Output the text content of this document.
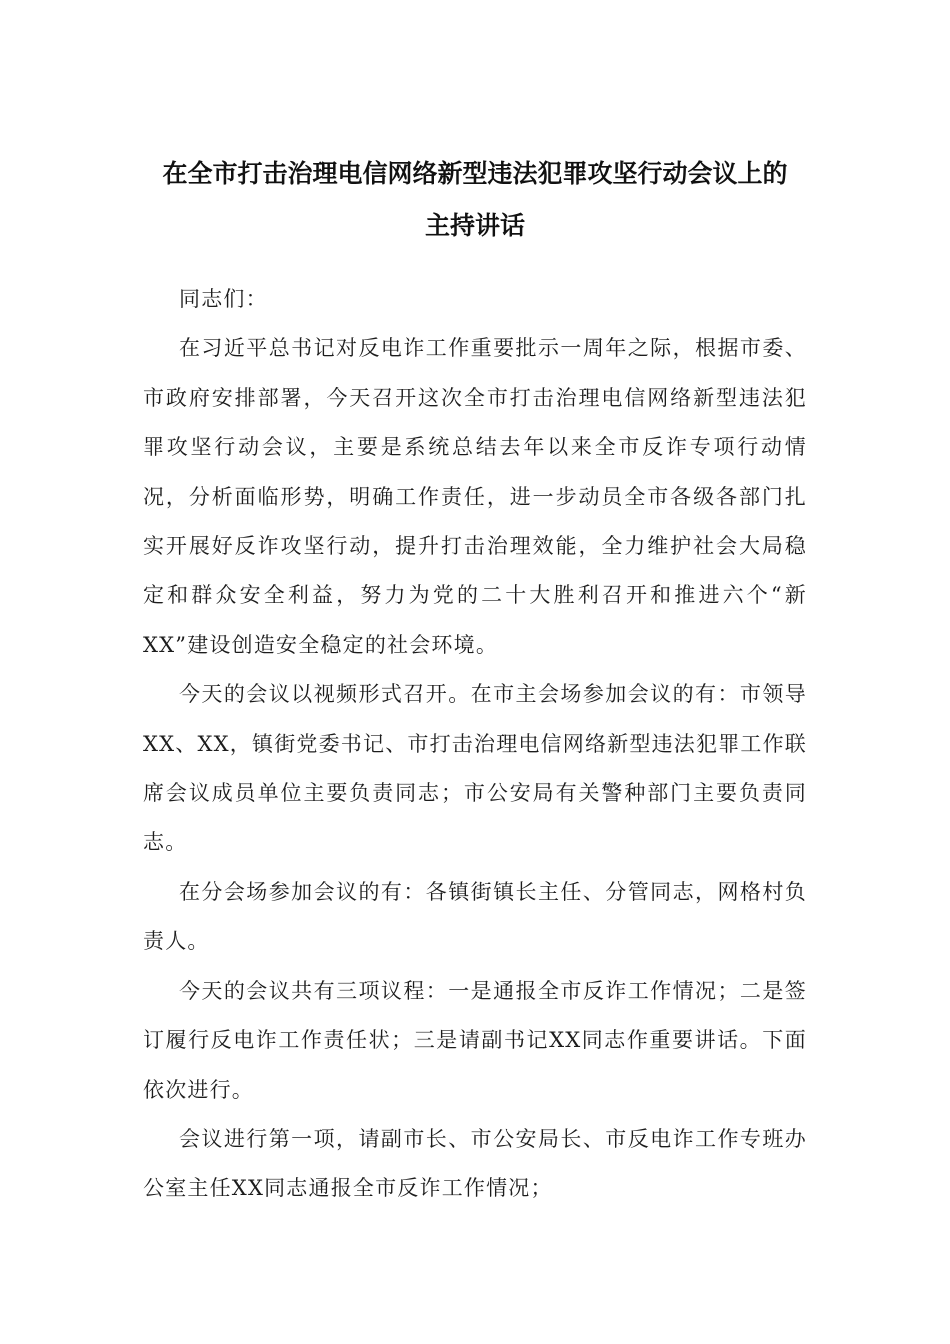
在全市打击治理电信网络新型违法犯罪攻坚行动会议上的
主持讲话

同志们：

在习近平总书记对反电诈工作重要批示一周年之际，根据市委、市政府安排部署，今天召开这次全市打击治理电信网络新型违法犯罪攻坚行动会议，主要是系统总结去年以来全市反诈专项行动情况，分析面临形势，明确工作责任，进一步动员全市各级各部门扎实开展好反诈攻坚行动，提升打击治理效能，全力维护社会大局稳定和群众安全利益，努力为党的二十大胜利召开和推进六个“新XX”建设创造安全稳定的社会环境。

今天的会议以视频形式召开。在市主会场参加会议的有：市领导XX、XX，镇街党委书记、市打击治理电信网络新型违法犯罪工作联席会议成员单位主要负责同志；市公安局有关警种部门主要负责同志。

在分会场参加会议的有：各镇街镇长主任、分管同志，网格村负责人。

今天的会议共有三项议程：一是通报全市反诈工作情况；二是签订履行反电诈工作责任状；三是请副书记XX同志作重要讲话。下面依次进行。

会议进行第一项，请副市长、市公安局长、市反电诈工作专班办公室主任XX同志通报全市反诈工作情况；
